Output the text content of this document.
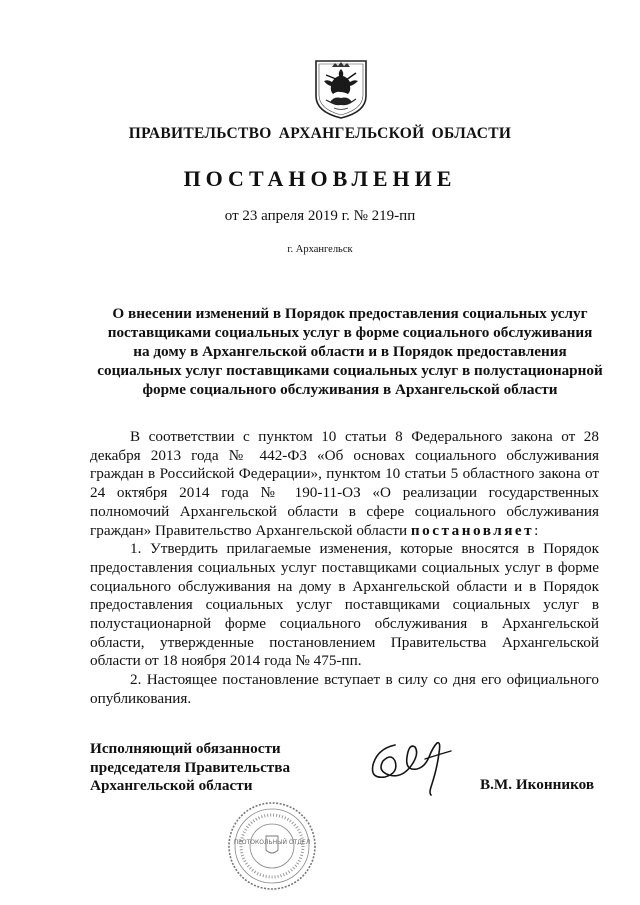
ПРАВИТЕЛЬСТВО АРХАНГЕЛЬСКОЙ ОБЛАСТИ
ПОСТАНОВЛЕНИЕ
от 23 апреля 2019 г. № 219-пп
г. Архангельск
О внесении изменений в Порядок предоставления социальных услуг
поставщиками социальных услуг в форме социального обслуживания
на дому в Архангельской области и в Порядок предоставления
социальных услуг поставщиками социальных услуг в полустационарной
форме социального обслуживания в Архангельской области

В соответствии с пунктом 10 статьи 8 Федерального закона от 28 декабря 2013 года № 442-ФЗ «Об основах социального обслуживания граждан в Российской Федерации», пунктом 10 статьи 5 областного закона от 24 октября 2014 года № 190-11-ОЗ «О реализации государственных полномочий Архангельской области в сфере социального обслуживания граждан» Правительство Архангельской области постановляет:

1. Утвердить прилагаемые изменения, которые вносятся в Порядок предоставления социальных услуг поставщиками социальных услуг в форме социального обслуживания на дому в Архангельской области и в Порядок предоставления социальных услуг поставщиками социальных услуг в полустационарной форме социального обслуживания в Архангельской области, утвержденные постановлением Правительства Архангельской области от 18 ноября 2014 года № 475-пп.

2. Настоящее постановление вступает в силу со дня его официального опубликования.

Исполняющий обязанности
председателя Правительства
Архангельской области	В.М. Иконников
ПРОТОКОЛЬНЫЙ ОТДЕЛ
